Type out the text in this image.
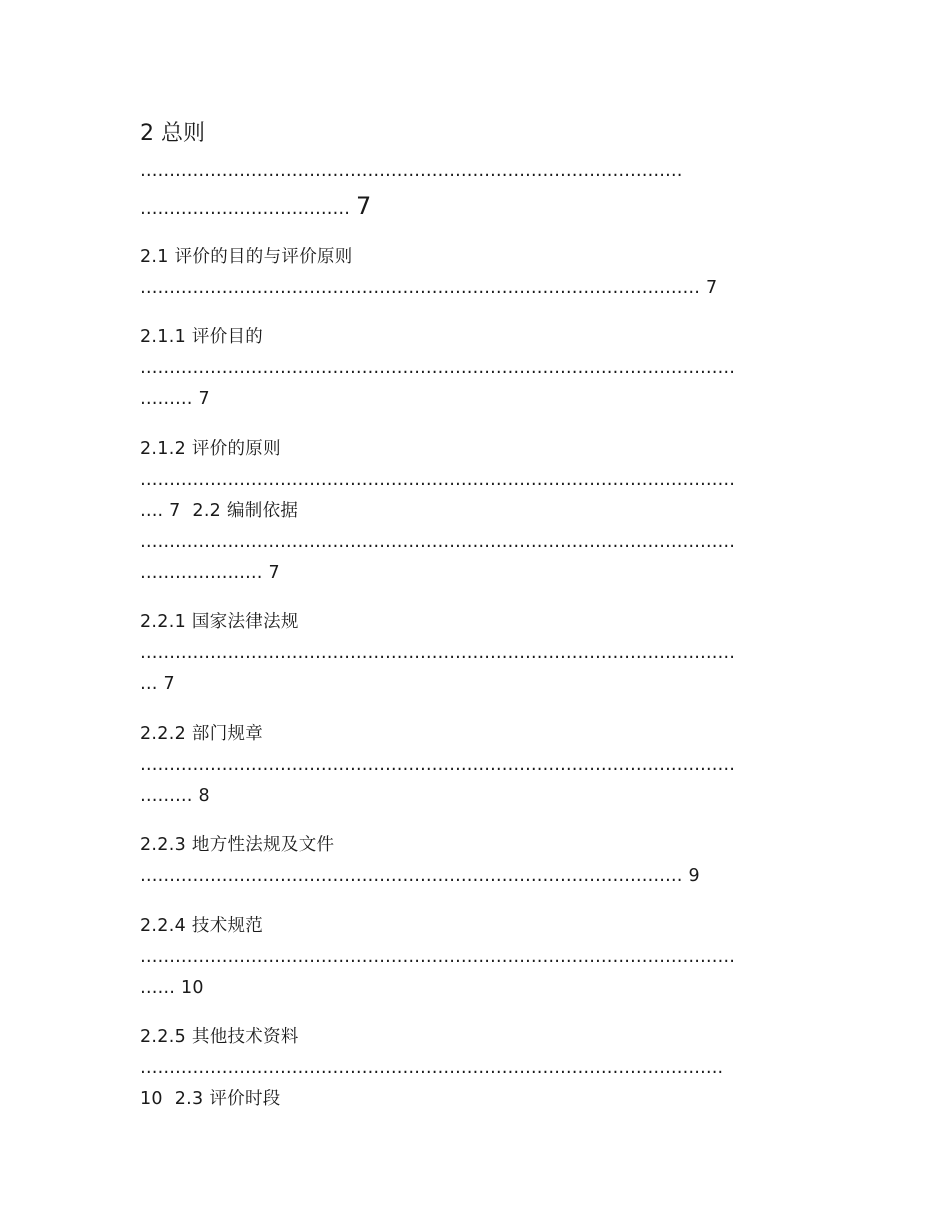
2 总则
…………………………………………………………………………………
……………………………… 7
2.1 评价的目的与评价原则
…………………………………………………………………………………… 7
2.1.1 评价目的
…………………………………………………………………………………………
……… 7
2.1.2 评价的原则
…………………………………………………………………………………………
…. 7 2.2 编制依据
…………………………………………………………………………………………
………………… 7
2.2.1 国家法律法规
…………………………………………………………………………………………
… 7
2.2.2 部门规章
…………………………………………………………………………………………
……… 8
2.2.3 地方性法规及文件
………………………………………………………………………………… 9
2.2.4 技术规范
…………………………………………………………………………………………
…… 10
2.2.5 其他技术资料
……………………………………………………………………………………….
10 2.3 评价时段
